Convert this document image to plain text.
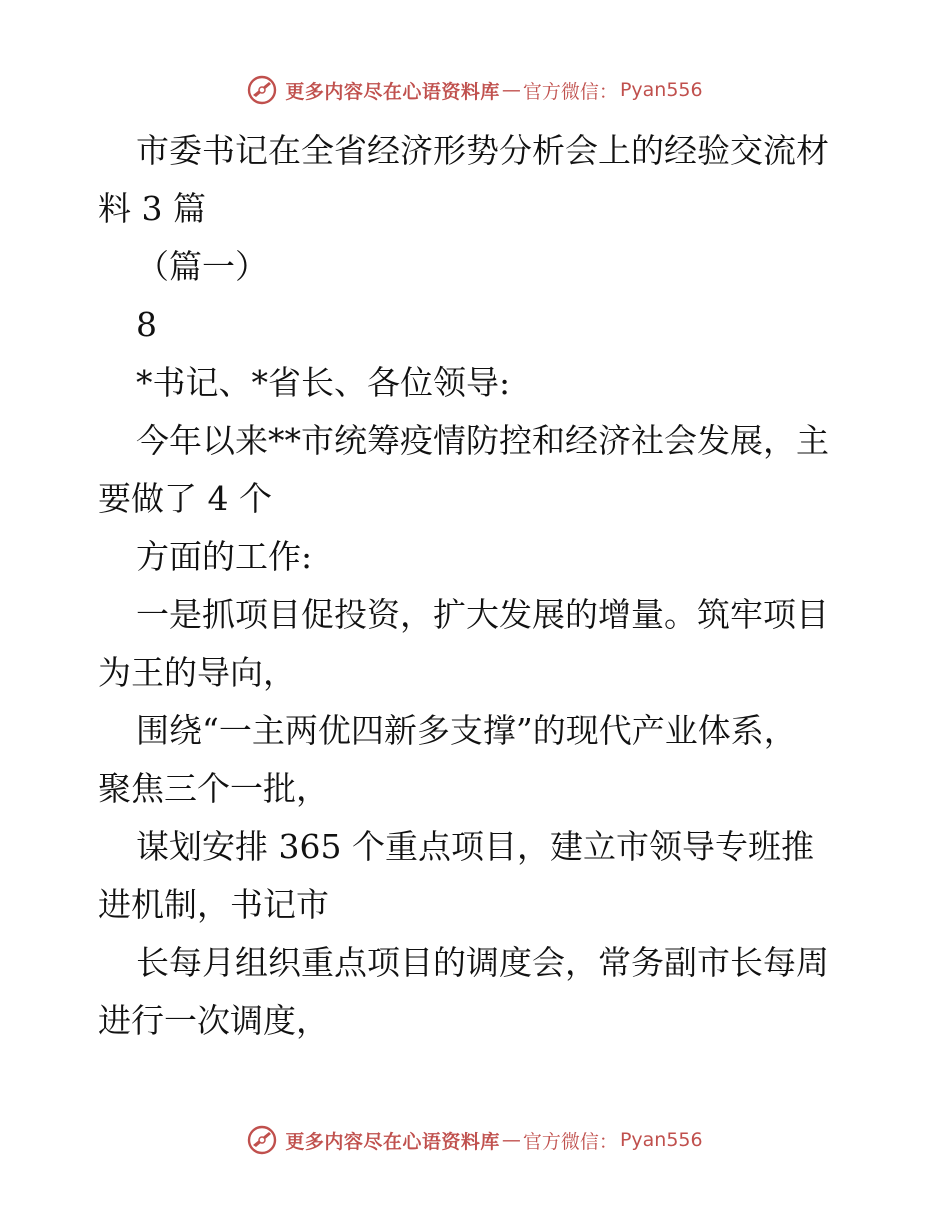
更多内容尽在心语资料库 — 官方微信： Pyan556

市委书记在全省经济形势分析会上的经验交流材

料 3 篇

（篇一）

8

*书记、*省长、各位领导:

今年以来**市统筹疫情防控和经济社会发展，主

要做了 4 个

方面的工作:

一是抓项目促投资，扩大发展的增量。筑牢项目

为王的导向，

围绕“一主两优四新多支撑”的现代产业体系，

聚焦三个一批，

谋划安排 365 个重点项目，建立市领导专班推

进机制，书记市

长每月组织重点项目的调度会，常务副市长每周

进行一次调度，

更多内容尽在心语资料库 — 官方微信： Pyan556
